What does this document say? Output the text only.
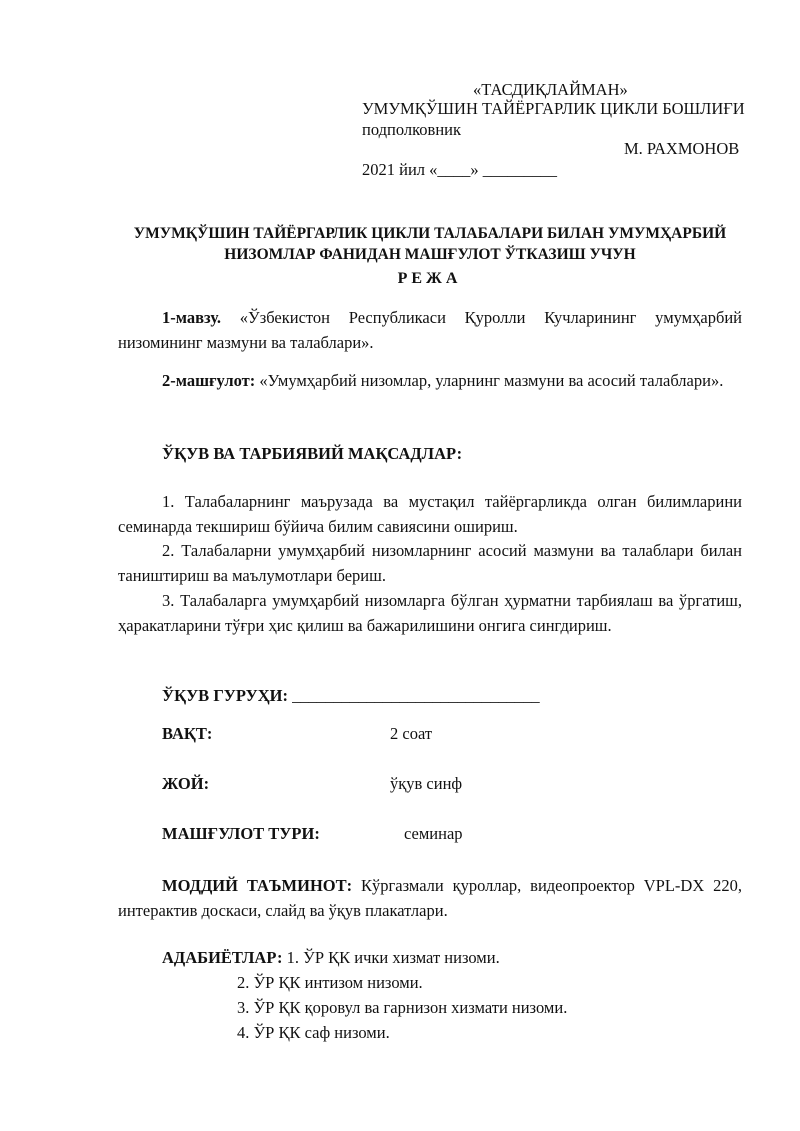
«ТАСДИҚЛАЙМАН»
УМУМҚЎШИН ТАЙЁРГАРЛИК ЦИКЛИ БОШЛИҒИ
подполковник
М. РАХМОНОВ
2021 йил «____» _________
УМУМҚЎШИН ТАЙЁРГАРЛИК ЦИКЛИ ТАЛАБАЛАРИ БИЛАН УМУМҲАРБИЙ
НИЗОМЛАР ФАНИДАН МАШҒУЛОТ ЎТКАЗИШ УЧУН
Р Е Ж А
1-мавзу. «Ўзбекистон Республикаси Қуролли Кучларининг умумҳарбий низомининг мазмуни ва талаблари».
2-машғулот: «Умумҳарбий низомлар, уларнинг мазмуни ва асосий талаблари».
ЎҚУВ ВА ТАРБИЯВИЙ МАҚСАДЛАР:
1. Талабаларнинг маърузада ва мустақил тайёргарликда олган билимларини семинарда текшириш бўйича билим савиясини ошириш.
2. Талабаларни умумҳарбий низомларнинг асосий мазмуни ва талаблари билан таништириш ва маълумотлари бериш.
3. Талабаларга умумҳарбий низомларга бўлган ҳурматни тарбиялаш ва ўргатиш, ҳаракатларини тўғри ҳис қилиш ва бажарилишини онгига сингдириш.
ЎҚУВ ГУРУҲИ: ______________________________
ВАҚТ:	2 соат
ЖОЙ:	ўқув синф
МАШҒУЛОТ ТУРИ:	семинар
МОДДИЙ ТАЪМИНОТ: Кўргазмали қуроллар, видеопроектор VPL-DX 220, интерактив доскаси, слайд ва ўқув плакатлари.
АДАБИЁТЛАР: 1. ЎР ҚК ички хизмат низоми.
2. ЎР ҚК интизом низоми.
3. ЎР ҚК қоровул ва гарнизон хизмати низоми.
4. ЎР ҚК саф низоми.
